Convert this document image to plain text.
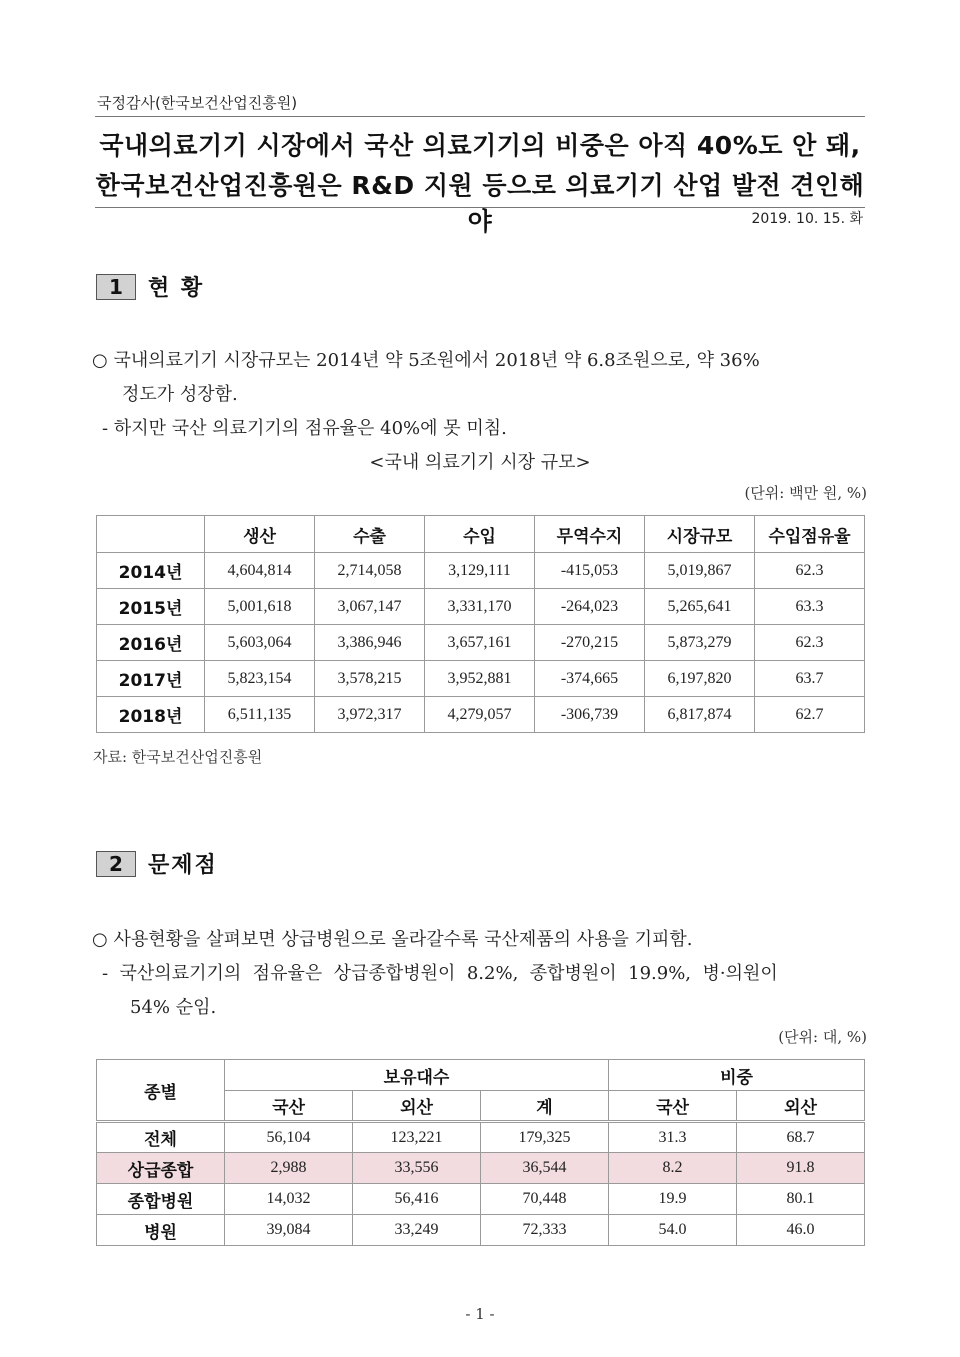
국정감사(한국보건산업진흥원)
국내의료기기 시장에서 국산 의료기기의 비중은 아직 40%도 안 돼,
한국보건산업진흥원은 R&D 지원 등으로 의료기기 산업 발전 견인해야	2019. 10. 15. 화
1	현 황
○ 국내의료기기 시장규모는 2014년 약 5조원에서 2018년 약 6.8조원으로, 약 36%
정도가 성장함.
- 하지만 국산 의료기기의 점유율은 40%에 못 미침.
<국내 의료기기 시장 규모>
(단위: 백만 원, %)
	생산	수출	수입	무역수지	시장규모	수입점유율
2014년	4,604,814	2,714,058	3,129,111	-415,053	5,019,867	62.3
2015년	5,001,618	3,067,147	3,331,170	-264,023	5,265,641	63.3
2016년	5,603,064	3,386,946	3,657,161	-270,215	5,873,279	62.3
2017년	5,823,154	3,578,215	3,952,881	-374,665	6,197,820	63.7
2018년	6,511,135	3,972,317	4,279,057	-306,739	6,817,874	62.7
자료: 한국보건산업진흥원
2	문제점
○ 사용현황을 살펴보면 상급병원으로 올라갈수록 국산제품의 사용을 기피함.
-  국산의료기기의  점유율은  상급종합병원이  8.2%,  종합병원이  19.9%,  병·의원이
54% 순임.
(단위: 대, %)
종별	보유대수			비중	
	국산	외산	계	국산	외산
전체	56,104	123,221	179,325	31.3	68.7
상급종합	2,988	33,556	36,544	8.2	91.8
종합병원	14,032	56,416	70,448	19.9	80.1
병원	39,084	33,249	72,333	54.0	46.0
- 1 -
